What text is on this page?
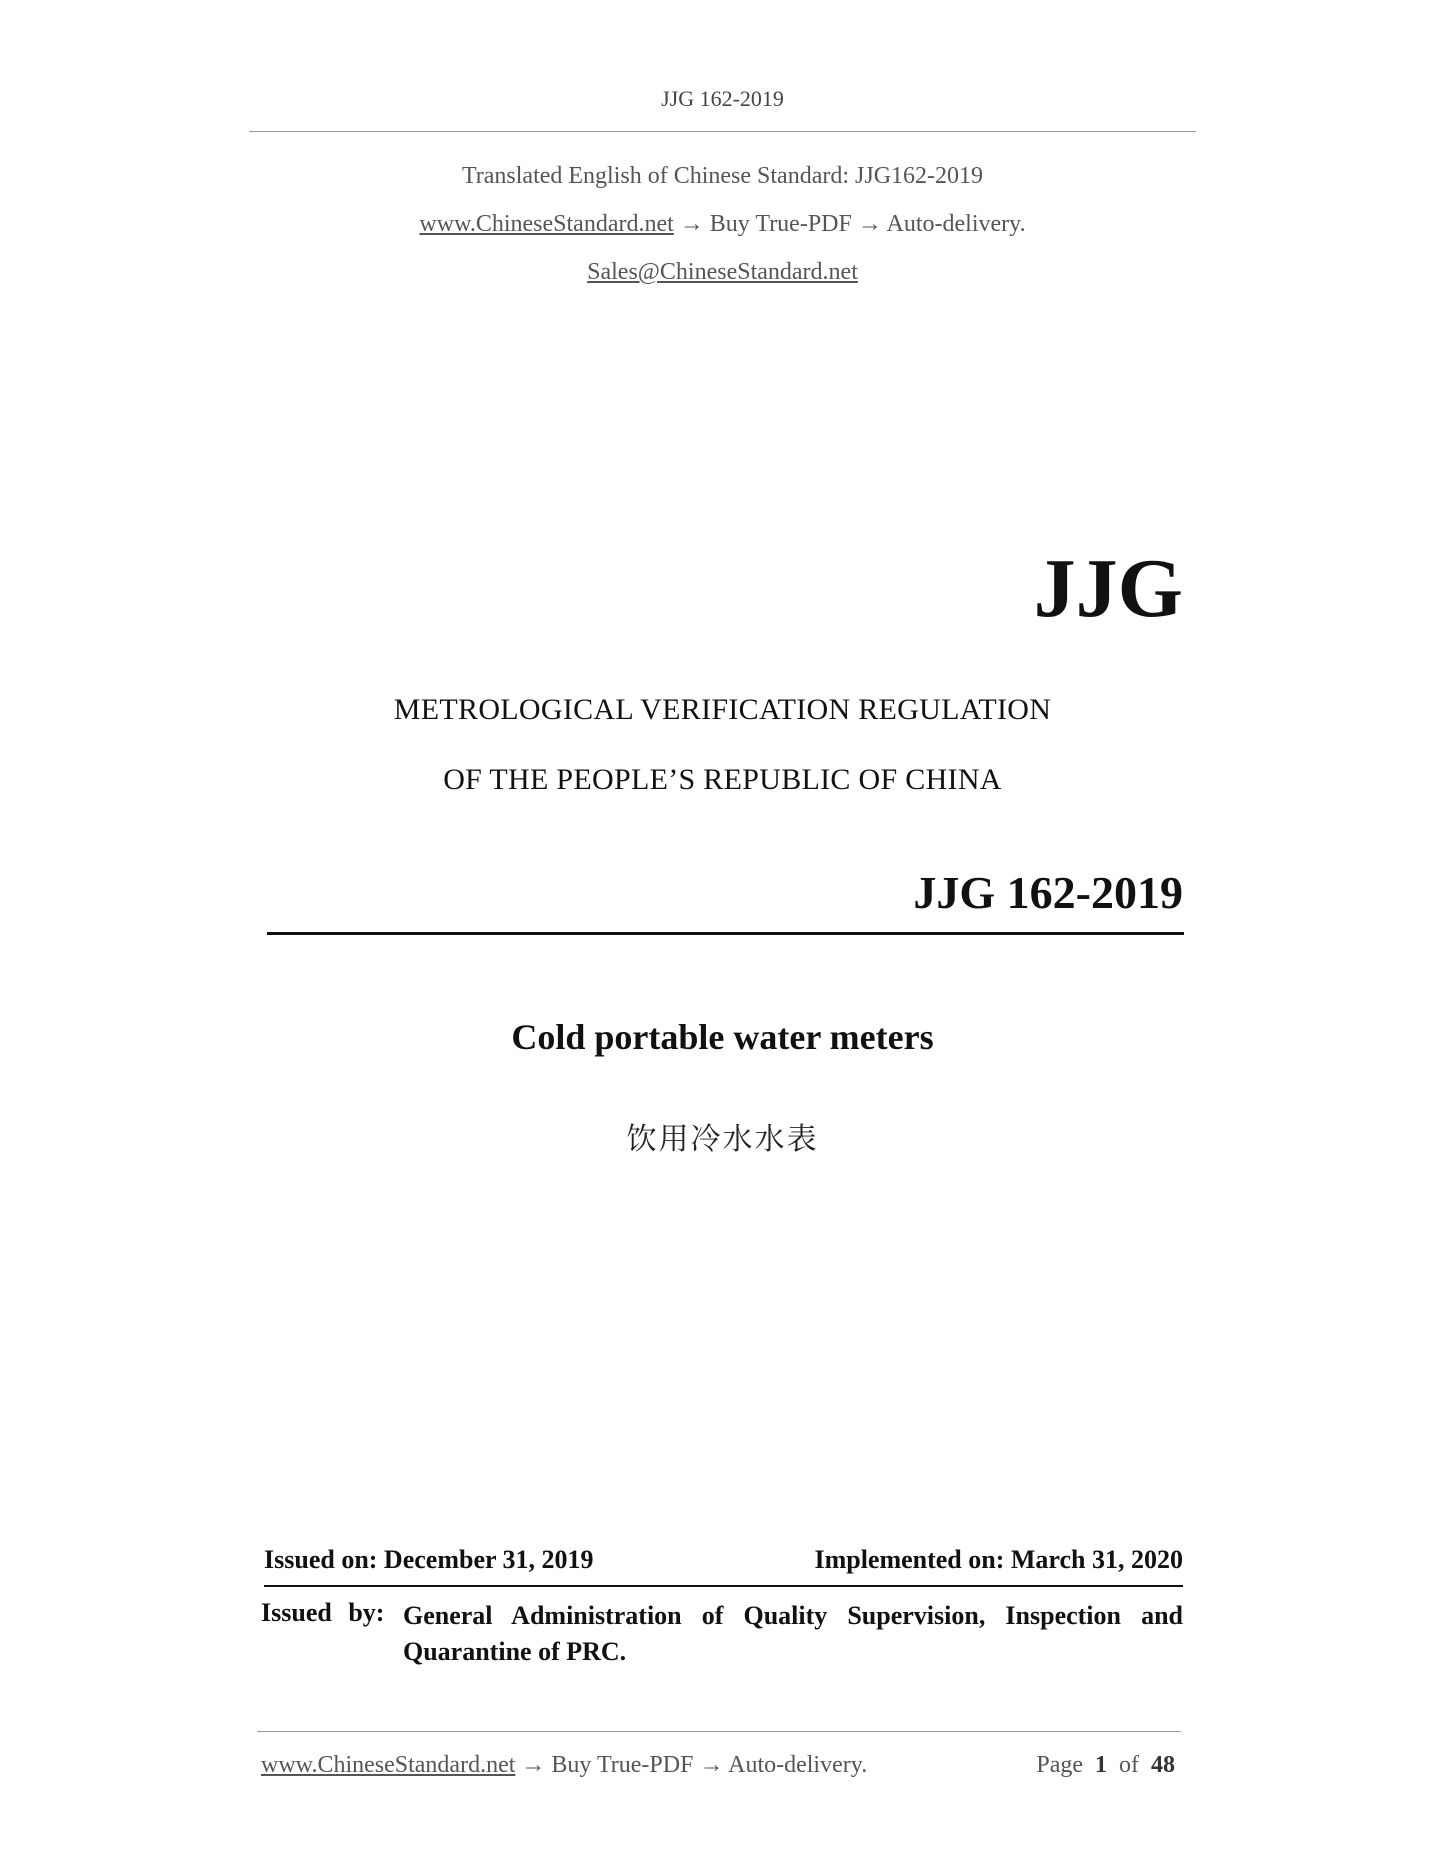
JJG 162-2019
Translated English of Chinese Standard: JJG162-2019
www.ChineseStandard.net → Buy True-PDF → Auto-delivery.
Sales@ChineseStandard.net
JJG
METROLOGICAL VERIFICATION REGULATION
OF THE PEOPLE’S REPUBLIC OF CHINA
JJG 162-2019
Cold portable water meters
饮用冷水水表
Issued on: December 31, 2019	Implemented on: March 31, 2020
Issued by: General Administration of Quality Supervision, Inspection and Quarantine of PRC.
www.ChineseStandard.net → Buy True-PDF → Auto-delivery.	Page 1 of 48
